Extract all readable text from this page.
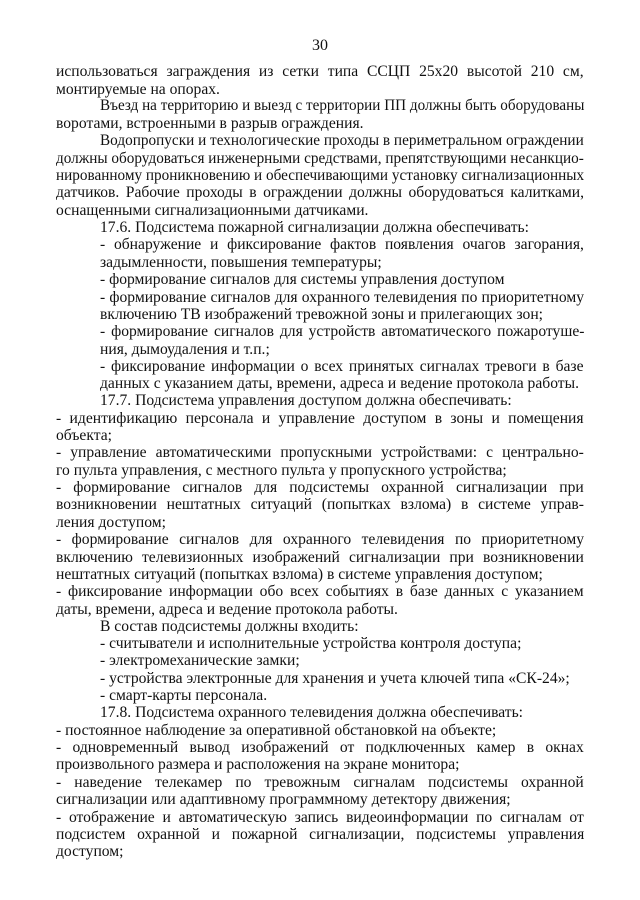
30
использоваться заграждения из сетки типа ССЦП 25х20 высотой 210 см,
монтируемые на опорах.
Въезд на территорию и выезд с территории ПП должны быть оборудованы
воротами, встроенными в разрыв ограждения.
Водопропуски и технологические проходы в периметральном ограждении
должны оборудоваться инженерными средствами, препятствующими несанкцио-
нированному проникновению и обеспечивающими установку сигнализационных
датчиков. Рабочие проходы в ограждении должны оборудоваться калитками,
оснащенными сигнализационными датчиками.
17.6. Подсистема пожарной сигнализации должна обеспечивать:
- обнаружение и фиксирование фактов появления очагов загорания,
задымленности, повышения температуры;
- формирование сигналов для системы управления доступом
- формирование сигналов для охранного телевидения по приоритетному
включению ТВ изображений тревожной зоны и прилегающих зон;
- формирование сигналов для устройств автоматического пожаротуше-
ния, дымоудаления и т.п.;
- фиксирование информации о всех принятых сигналах тревоги в базе
данных с указанием даты, времени, адреса и ведение протокола работы.
17.7. Подсистема управления доступом должна обеспечивать:
- идентификацию персонала и управление доступом в зоны и помещения
объекта;
- управление автоматическими пропускными устройствами: с центрально-
го пульта управления, с местного пульта у пропускного устройства;
- формирование сигналов для подсистемы охранной сигнализации при
возникновении нештатных ситуаций (попытках взлома) в системе управ-
ления доступом;
- формирование сигналов для охранного телевидения по приоритетному
включению телевизионных изображений сигнализации при возникновении
нештатных ситуаций (попытках взлома) в системе управления доступом;
- фиксирование информации обо всех событиях в базе данных с указанием
даты, времени, адреса и ведение протокола работы.
В состав подсистемы должны входить:
- считыватели и исполнительные устройства контроля доступа;
- электромеханические замки;
- устройства электронные для хранения и учета ключей типа «СК-24»;
- смарт-карты персонала.
17.8. Подсистема охранного телевидения должна обеспечивать:
- постоянное наблюдение за оперативной обстановкой на объекте;
- одновременный вывод изображений от подключенных камер в окнах
произвольного размера и расположения на экране монитора;
- наведение телекамер по тревожным сигналам подсистемы охранной
сигнализации или адаптивному программному детектору движения;
- отображение и автоматическую запись видеоинформации по сигналам от
подсистем охранной и пожарной сигнализации, подсистемы управления
доступом;
